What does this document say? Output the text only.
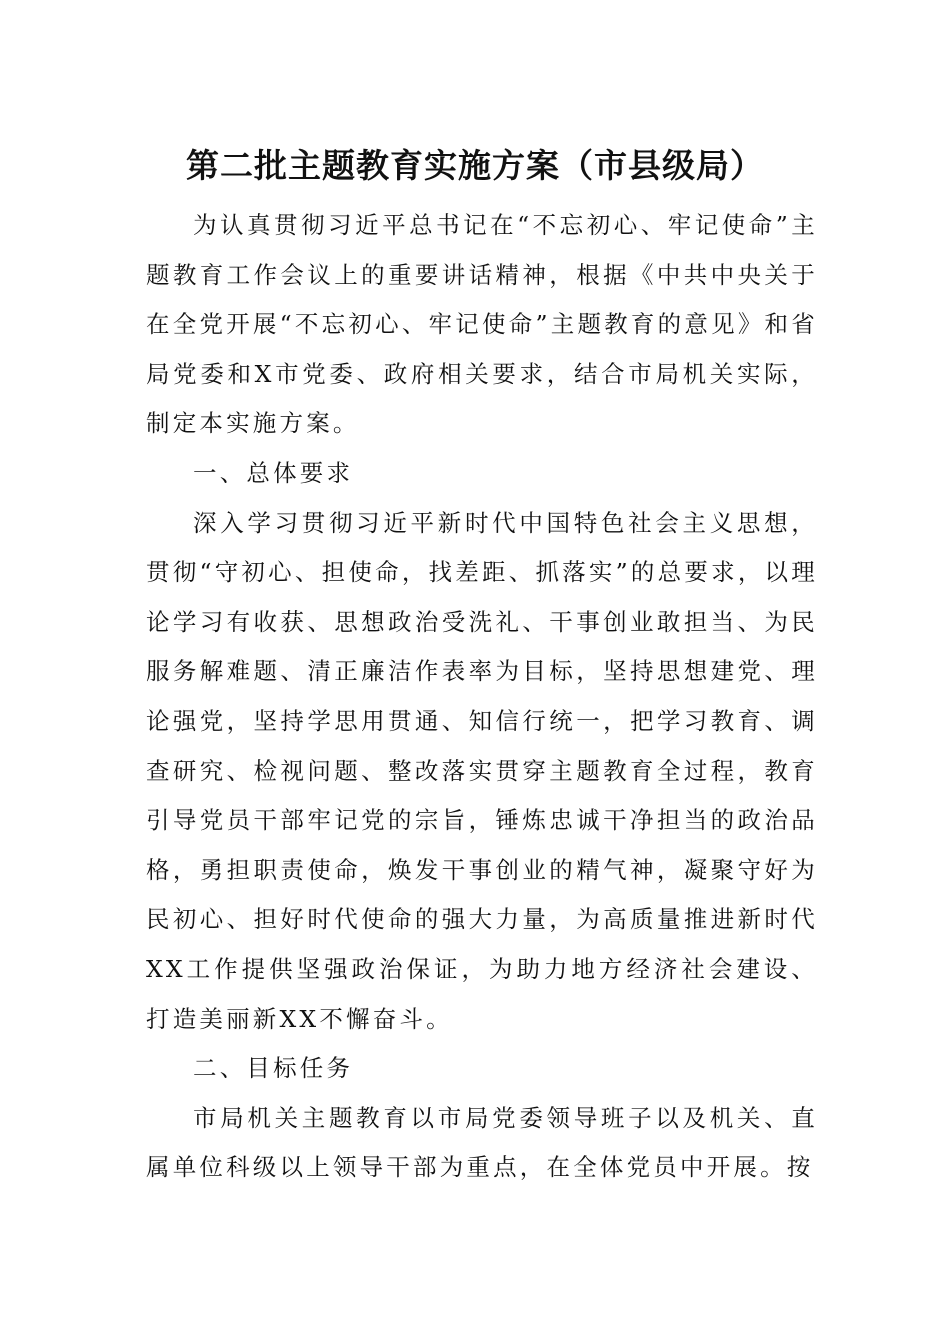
第二批主题教育实施方案（市县级局）

为认真贯彻习近平总书记在“不忘初心、牢记使命”主题教育工作会议上的重要讲话精神，根据《中共中央关于在全党开展“不忘初心、牢记使命”主题教育的意见》和省局党委和X市党委、政府相关要求，结合市局机关实际，制定本实施方案。

一、总体要求

深入学习贯彻习近平新时代中国特色社会主义思想，贯彻“守初心、担使命，找差距、抓落实”的总要求，以理论学习有收获、思想政治受洗礼、干事创业敢担当、为民服务解难题、清正廉洁作表率为目标，坚持思想建党、理论强党，坚持学思用贯通、知信行统一，把学习教育、调查研究、检视问题、整改落实贯穿主题教育全过程，教育引导党员干部牢记党的宗旨，锤炼忠诚干净担当的政治品格，勇担职责使命，焕发干事创业的精气神，凝聚守好为民初心、担好时代使命的强大力量，为高质量推进新时代XX工作提供坚强政治保证，为助力地方经济社会建设、打造美丽新XX不懈奋斗。

二、目标任务

市局机关主题教育以市局党委领导班子以及机关、直属单位科级以上领导干部为重点，在全体党员中开展。按
